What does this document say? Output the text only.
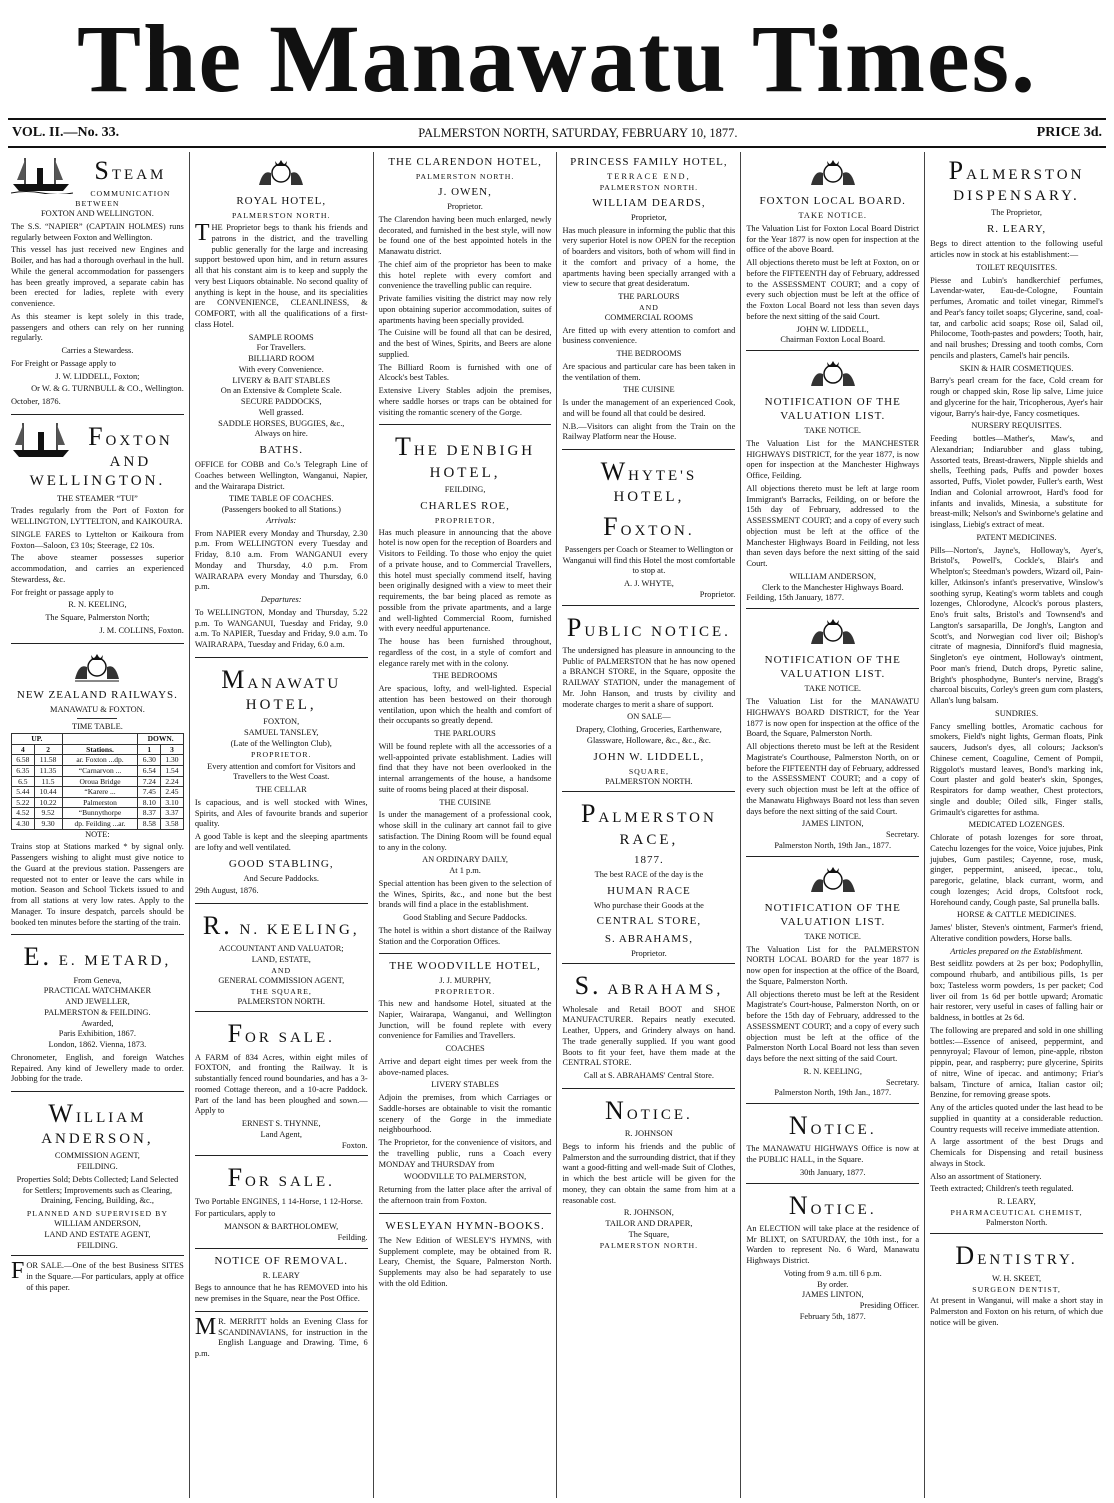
The Manawatu Times.
VOL. II.—No. 33.	PALMERSTON NORTH, SATURDAY, FEBRUARY 10, 1877.	PRICE 3d.
STEAM
COMMUNICATION
BETWEEN
FOXTON AND WELLINGTON.

The S.S. “NAPIER” (CAPTAIN HOLMES) runs regularly between Foxton and Wellington.

This vessel has just received new Engines and Boiler, and has had a thorough overhaul in the hull. While the general accommodation for passengers has been greatly improved, a separate cabin has been erected for ladies, replete with every convenience.

As this steamer is kept solely in this trade, passengers and others can rely on her running regularly.

Carries a Stewardess.

For Freight or Passage apply to

J. W. LIDDELL, Foxton;

Or W. & G. TURNBULL & CO., Wellington.

October, 1876.

FOXTON AND WELLINGTON.
THE STEAMER “TUI”

Trades regularly from the Port of Foxton for WELLINGTON, LYTTELTON, and KAIKOURA.

SINGLE FARES to Lyttelton or Kaikoura from Foxton—Saloon, £3 10s; Steerage, £2 10s.

The above steamer possesses superior accommodation, and carries an experienced Stewardess, &c.

For freight or passage apply to

R. N. KEELING,

The Square, Palmerston North;

J. M. COLLINS, Foxton.

NEW ZEALAND RAILWAYS.
MANAWATU & FOXTON.
TIME TABLE.
UP.			DOWN.	
4	2	Stations.	1	3
6.58	11.58	ar. Foxton ...dp.	6.30	1.30
6.35	11.35	“Carnarvon ...	6.54	1.54
6.5	11.5	Oroua Bridge	7.24	2.24
5.44	10.44	“Karere ...	7.45	2.45
5.22	10.22	Palmerston	8.10	3.10
4.52	9.52	“Bunnythorpe	8.37	3.37
4.30	9.30	dp. Feilding ...ar.	8.58	3.58
NOTE:

Trains stop at Stations marked * by signal only. Passengers wishing to alight must give notice to the Guard at the previous station. Passengers are requested not to enter or leave the cars while in motion. Season and School Tickets issued to and from all stations at very low rates. Apply to the Manager. To insure despatch, parcels should be booked ten minutes before the starting of the train.

E. E. METARD,
From Geneva,
PRACTICAL WATCHMAKER
AND JEWELLER,
PALMERSTON & FEILDING.
Awarded,
Paris Exhibition, 1867.
London, 1862. Vienna, 1873.

Chronometer, English, and foreign Watches Repaired. Any kind of Jewellery made to order. Jobbing for the trade.

WILLIAM ANDERSON,
COMMISSION AGENT,
FEILDING.

Properties Sold; Debts Collected; Land Selected for Settlers; Improvements such as Clearing, Draining, Fencing, Building, &c.,

PLANNED AND SUPERVISED BY
WILLIAM ANDERSON,
LAND AND ESTATE AGENT,
FEILDING.

FOR SALE.—One of the best Business SITES in the Square.—For particulars, apply at office of this paper.

ROYAL HOTEL,
PALMERSTON NORTH.

THE Proprietor begs to thank his friends and patrons in the district, and the travelling public generally for the large and increasing support bestowed upon him, and in return assures all that his constant aim is to keep and supply the very best Liquors obtainable. No second quality of anything is kept in the house, and its specialities are CONVENIENCE, CLEANLINESS, & COMFORT, with all the qualifications of a first-class Hotel.

SAMPLE ROOMS
For Travellers.
BILLIARD ROOM
With every Convenience.
LIVERY & BAIT STABLES
On an Extensive & Complete Scale.
SECURE PADDOCKS,
Well grassed.
SADDLE HORSES, BUGGIES, &c.,
Always on hire.
BATHS.

OFFICE for COBB and Co.'s Telegraph Line of Coaches between Wellington, Wanganui, Napier, and the Wairarapa District.

TIME TABLE OF COACHES.
(Passengers booked to all Stations.)
Arrivals:

From NAPIER every Monday and Thursday, 2.30 p.m. From WELLINGTON every Tuesday and Friday, 8.10 a.m. From WANGANUI every Monday and Thursday, 4.0 p.m. From WAIRARAPA every Monday and Thursday, 6.0 p.m.

Departures:

To WELLINGTON, Monday and Thursday, 5.22 p.m. To WANGANUI, Tuesday and Friday, 9.0 a.m. To NAPIER, Tuesday and Friday, 9.0 a.m. To WAIRARAPA, Tuesday and Friday, 6.0 a.m.

MANAWATU HOTEL,
FOXTON,
SAMUEL TANSLEY,
(Late of the Wellington Club),
PROPRIETOR.

Every attention and comfort for Visitors and Travellers to the West Coast.

THE CELLAR

Is capacious, and is well stocked with Wines, Spirits, and Ales of favourite brands and superior quality.

A good Table is kept and the sleeping apartments are lofty and well ventilated.

GOOD STABLING,
And Secure Paddocks.

29th August, 1876.

R. N. KEELING,
ACCOUNTANT AND VALUATOR;
LAND, ESTATE,
AND
GENERAL COMMISSION AGENT,
THE SQUARE,
PALMERSTON NORTH.
FOR SALE.

A FARM of 834 Acres, within eight miles of FOXTON, and fronting the Railway. It is substantially fenced round boundaries, and has a 3-roomed Cottage thereon, and a 10-acre Paddock. Part of the land has been ploughed and sown.—Apply to

ERNEST S. THYNNE,
Land Agent,
Foxton.
FOR SALE.

Two Portable ENGINES, 1 14-Horse, 1 12-Horse.

For particulars, apply to

MANSON & BARTHOLOMEW,
Feilding.
NOTICE OF REMOVAL.
R. LEARY

Begs to announce that he has REMOVED into his new premises in the Square, near the Post Office.

MR. MERRITT holds an Evening Class for SCANDINAVIANS, for instruction in the English Language and Drawing. Time, 6 p.m.

THE CLARENDON HOTEL,
PALMERSTON NORTH.
J. OWEN,
Proprietor.

The Clarendon having been much enlarged, newly decorated, and furnished in the best style, will now be found one of the best appointed hotels in the Manawatu district.

The chief aim of the proprietor has been to make this hotel replete with every comfort and convenience the travelling public can require.

Private families visiting the district may now rely upon obtaining superior accommodation, suites of apartments having been specially provided.

The Cuisine will be found all that can be desired, and the best of Wines, Spirits, and Beers are alone supplied.

The Billiard Room is furnished with one of Alcock's best Tables.

Extensive Livery Stables adjoin the premises, where saddle horses or traps can be obtained for visiting the romantic scenery of the Gorge.

THE DENBIGH HOTEL,
FEILDING,
CHARLES ROE,
PROPRIETOR,

Has much pleasure in announcing that the above hotel is now open for the reception of Boarders and Visitors to Feilding. To those who enjoy the quiet of a private house, and to Commercial Travellers, this hotel must specially commend itself, having been originally designed with a view to meet their requirements, the bar being placed as remote as possible from the private apartments, and a large and well-lighted Commercial Room, furnished with every needful appurtenance.

The house has been furnished throughout, regardless of the cost, in a style of comfort and elegance rarely met with in the colony.

THE BEDROOMS

Are spacious, lofty, and well-lighted. Especial attention has been bestowed on their thorough ventilation, upon which the health and comfort of their occupants so greatly depend.

THE PARLOURS

Will be found replete with all the accessories of a well-appointed private establishment. Ladies will find that they have not been overlooked in the internal arrangements of the house, a handsome suite of rooms being placed at their disposal.

THE CUISINE

Is under the management of a professional cook, whose skill in the culinary art cannot fail to give satisfaction. The Dining Room will be found equal to any in the colony.

AN ORDINARY DAILY,
At 1 p.m.

Special attention has been given to the selection of the Wines, Spirits, &c., and none but the best brands will find a place in the establishment.

Good Stabling and Secure Paddocks.

The hotel is within a short distance of the Railway Station and the Corporation Offices.

THE WOODVILLE HOTEL,
J. J. MURPHY,
PROPRIETOR.

This new and handsome Hotel, situated at the Napier, Wairarapa, Wanganui, and Wellington Junction, will be found replete with every convenience for Families and Travellers.

COACHES

Arrive and depart eight times per week from the above-named places.

LIVERY STABLES

Adjoin the premises, from which Carriages or Saddle-horses are obtainable to visit the romantic scenery of the Gorge in the immediate neighbourhood.

The Proprietor, for the convenience of visitors, and the travelling public, runs a Coach every MONDAY and THURSDAY from

WOODVILLE TO PALMERSTON,

Returning from the latter place after the arrival of the afternoon train from Foxton.

WESLEYAN HYMN-BOOKS.

The New Edition of WESLEY'S HYMNS, with Supplement complete, may be obtained from R. Leary, Chemist, the Square, Palmerston North. Supplements may also be had separately to use with the old Edition.

PRINCESS FAMILY HOTEL,
TERRACE END,
PALMERSTON NORTH.
WILLIAM DEARDS,
Proprietor,

Has much pleasure in informing the public that this very superior Hotel is now OPEN for the reception of boarders and visitors, both of whom will find in it the comfort and privacy of a home, the apartments having been specially arranged with a view to secure that great desideratum.

THE PARLOURS
AND
COMMERCIAL ROOMS

Are fitted up with every attention to comfort and business convenience.

THE BEDROOMS

Are spacious and particular care has been taken in the ventilation of them.

THE CUISINE

Is under the management of an experienced Cook, and will be found all that could be desired.

N.B.—Visitors can alight from the Train on the Railway Platform near the House.

WHYTE'S HOTEL,
FOXTON.

Passengers per Coach or Steamer to Wellington or Wanganui will find this Hotel the most comfortable to stop at.

A. J. WHYTE,
Proprietor.
PUBLIC NOTICE.

The undersigned has pleasure in announcing to the Public of PALMERSTON that he has now opened a BRANCH STORE, in the Square, opposite the RAILWAY STATION, under the management of Mr. John Hanson, and trusts by civility and moderate charges to merit a share of support.

ON SALE—

Drapery, Clothing, Groceries, Earthenware, Glassware, Holloware, &c., &c., &c.

JOHN W. LIDDELL,
SQUARE,
PALMERSTON NORTH.
PALMERSTON RACE,
1877.
The best RACE of the day is the
HUMAN RACE
Who purchase their Goods at the
CENTRAL STORE,
S. ABRAHAMS,
Proprietor.
S. ABRAHAMS,

Wholesale and Retail BOOT and SHOE MANUFACTURER. Repairs neatly executed. Leather, Uppers, and Grindery always on hand. The trade generally supplied. If you want good Boots to fit your feet, have them made at the CENTRAL STORE.

Call at S. ABRAHAMS' Central Store.

NOTICE.
R. JOHNSON

Begs to inform his friends and the public of Palmerston and the surrounding district, that if they want a good-fitting and well-made Suit of Clothes, in which the best article will be given for the money, they can obtain the same from him at a reasonable cost.

R. JOHNSON,
TAILOR AND DRAPER,
The Square,
PALMERSTON NORTH.
FOXTON LOCAL BOARD.
TAKE NOTICE.

The Valuation List for Foxton Local Board District for the Year 1877 is now open for inspection at the office of the above Board.

All objections thereto must be left at Foxton, on or before the FIFTEENTH day of February, addressed to the ASSESSMENT COURT; and a copy of every such objection must be left at the office of the Foxton Local Board not less than seven days before the next sitting of the said Court.

JOHN W. LIDDELL,
Chairman Foxton Local Board.
NOTIFICATION OF THE VALUATION LIST.
TAKE NOTICE.

The Valuation List for the MANCHESTER HIGHWAYS DISTRICT, for the year 1877, is now open for inspection at the Manchester Highways Office, Feilding.

All objections thereto must be left at large room Immigrant's Barracks, Feilding, on or before the 15th day of February, addressed to the ASSESSMENT COURT; and a copy of every such objection must be left at the office of the Manchester Highways Board in Feilding, not less than seven days before the next sitting of the said Court.

WILLIAM ANDERSON,
Clerk to the Manchester Highways Board.
Feilding, 15th January, 1877.
NOTIFICATION OF THE VALUATION LIST.
TAKE NOTICE.

The Valuation List for the MANAWATU HIGHWAYS BOARD DISTRICT, for the Year 1877 is now open for inspection at the office of the Board, the Square, Palmerston North.

All objections thereto must be left at the Resident Magistrate's Courthouse, Palmerston North, on or before the FIFTEENTH day of February, addressed to the ASSESSMENT COURT; and a copy of every such objection must be left at the office of the Manawatu Highways Board not less than seven days before the next sitting of the said Court.

JAMES LINTON,
Secretary.
Palmerston North, 19th Jan., 1877.
NOTIFICATION OF THE VALUATION LIST.
TAKE NOTICE.

The Valuation List for the PALMERSTON NORTH LOCAL BOARD for the year 1877 is now open for inspection at the office of the Board, the Square, Palmerston North.

All objections thereto must be left at the Resident Magistrate's Court-house, Palmerston North, on or before the 15th day of February, addressed to the ASSESSMENT COURT; and a copy of every such objection must be left at the office of the Palmerston North Local Board not less than seven days before the next sitting of the said Court.

R. N. KEELING,
Secretary.
Palmerston North, 19th Jan., 1877.
NOTICE.

The MANAWATU HIGHWAYS Office is now at the PUBLIC HALL, in the Square.

30th January, 1877.
NOTICE.

An ELECTION will take place at the residence of Mr BLIXT, on SATURDAY, the 10th inst., for a Warden to represent No. 6 Ward, Manawatu Highways District.

Voting from 9 a.m. till 6 p.m.
By order.
JAMES LINTON,
Presiding Officer.
February 5th, 1877.
PALMERSTON DISPENSARY.
The Proprietor,
R. LEARY,

Begs to direct attention to the following useful articles now in stock at his establishment:—

TOILET REQUISITES.

Piesse and Lubin's handkerchief perfumes, Lavendar-water, Eau-de-Cologne, Fountain perfumes, Aromatic and toilet vinegar, Rimmel's and Pear's fancy toilet soaps; Glycerine, sand, coal-tar, and carbolic acid soaps; Rose oil, Salad oil, Philocome, Tooth-pastes and powders; Tooth, hair, and nail brushes; Dressing and tooth combs, Corn pencils and plasters, Camel's hair pencils.

SKIN & HAIR COSMETIQUES.

Barry's pearl cream for the face, Cold cream for rough or chapped skin, Rose lip salve, Lime juice and glycerine for the hair, Tricopherous, Ayer's hair vigour, Barry's hair-dye, Fancy cosmetiques.

NURSERY REQUISITES.

Feeding bottles—Mather's, Maw's, and Alexandrian; Indiarubber and glass tubing, Assorted teats, Breast-drawers, Nipple shields and shells, Teething pads, Puffs and powder boxes assorted, Puffs, Violet powder, Fuller's earth, West Indian and Colonial arrowroot, Hard's food for infants and invalids, Minesia, a substitute for breast-milk; Nelson's and Swinborne's gelatine and isinglass, Liebig's extract of meat.

PATENT MEDICINES.

Pills—Norton's, Jayne's, Holloway's, Ayer's, Bristol's, Powell's, Cockle's, Blair's and Whelpton's; Steedman's powders, Wizard oil, Pain-killer, Atkinson's infant's preservative, Winslow's soothing syrup, Keating's worm tablets and cough lozenges, Chlorodyne, Alcock's porous plasters, Eno's fruit salts, Bristol's and Townsend's and Langton's sarsaparilla, De Jongh's, Langton and Scott's, and Norwegian cod liver oil; Bishop's citrate of magnesia, Dinniford's fluid magnesia, Singleton's eye ointment, Holloway's ointment, Poor man's friend, Dutch drops, Pyretic saline, Bright's phosphodyne, Bunter's nervine, Bragg's charcoal biscuits, Corley's green gum corn plasters, Allan's lung balsam.

SUNDRIES.

Fancy smelling bottles, Aromatic cachous for smokers, Field's night lights, German floats, Pink saucers, Judson's dyes, all colours; Jackson's Chinese cement, Coaguline, Cement of Pompii, Riggolot's mustard leaves, Bond's marking ink, Court plaster and gold beater's skin, Sponges, Respirators for damp weather, Chest protectors, single and double; Oiled silk, Finger stalls, Grimault's cigarettes for asthma.

MEDICATED LOZENGES.

Chlorate of potash lozenges for sore throat, Catechu lozenges for the voice, Voice jujubes, Pink jujubes, Gum pastiles; Cayenne, rose, musk, ginger, peppermint, aniseed, ipecac., tolu, paregoric, gelatine, black currant, worm, and cough lozenges; Acid drops, Coltsfoot rock, Horehound candy, Cough paste, Sal prunella balls.

HORSE & CATTLE MEDICINES.

James' blister, Steven's ointment, Farmer's friend, Alterative condition powders, Horse balls.

Articles prepared on the Establishment.

Best seidlitz powders at 2s per box; Podophyllin, compound rhubarb, and antibilious pills, 1s per box; Tasteless worm powders, 1s per packet; Cod liver oil from 1s 6d per bottle upward; Aromatic hair restorer, very useful in cases of falling hair or baldness, in bottles at 2s 6d.

The following are prepared and sold in one shilling bottles:—Essence of aniseed, peppermint, and pennyroyal; Flavour of lemon, pine-apple, ribston pippin, pear, and raspberry; pure glycerine, Spirits of nitre, Wine of ipecac. and antimony; Friar's balsam, Tincture of arnica, Italian castor oil; Benzine, for removing grease spots.

Any of the articles quoted under the last head to be supplied in quantity at a considerable reduction. Country requests will receive immediate attention.

A large assortment of the best Drugs and Chemicals for Dispensing and retail business always in Stock.

Also an assortment of Stationery.

Teeth extracted; Children's teeth regulated.

R. LEARY,
PHARMACEUTICAL CHEMIST,
Palmerston North.
DENTISTRY.
W. H. SKEET,
SURGEON DENTIST,

At present in Wanganui, will make a short stay in Palmerston and Foxton on his return, of which due notice will be given.
